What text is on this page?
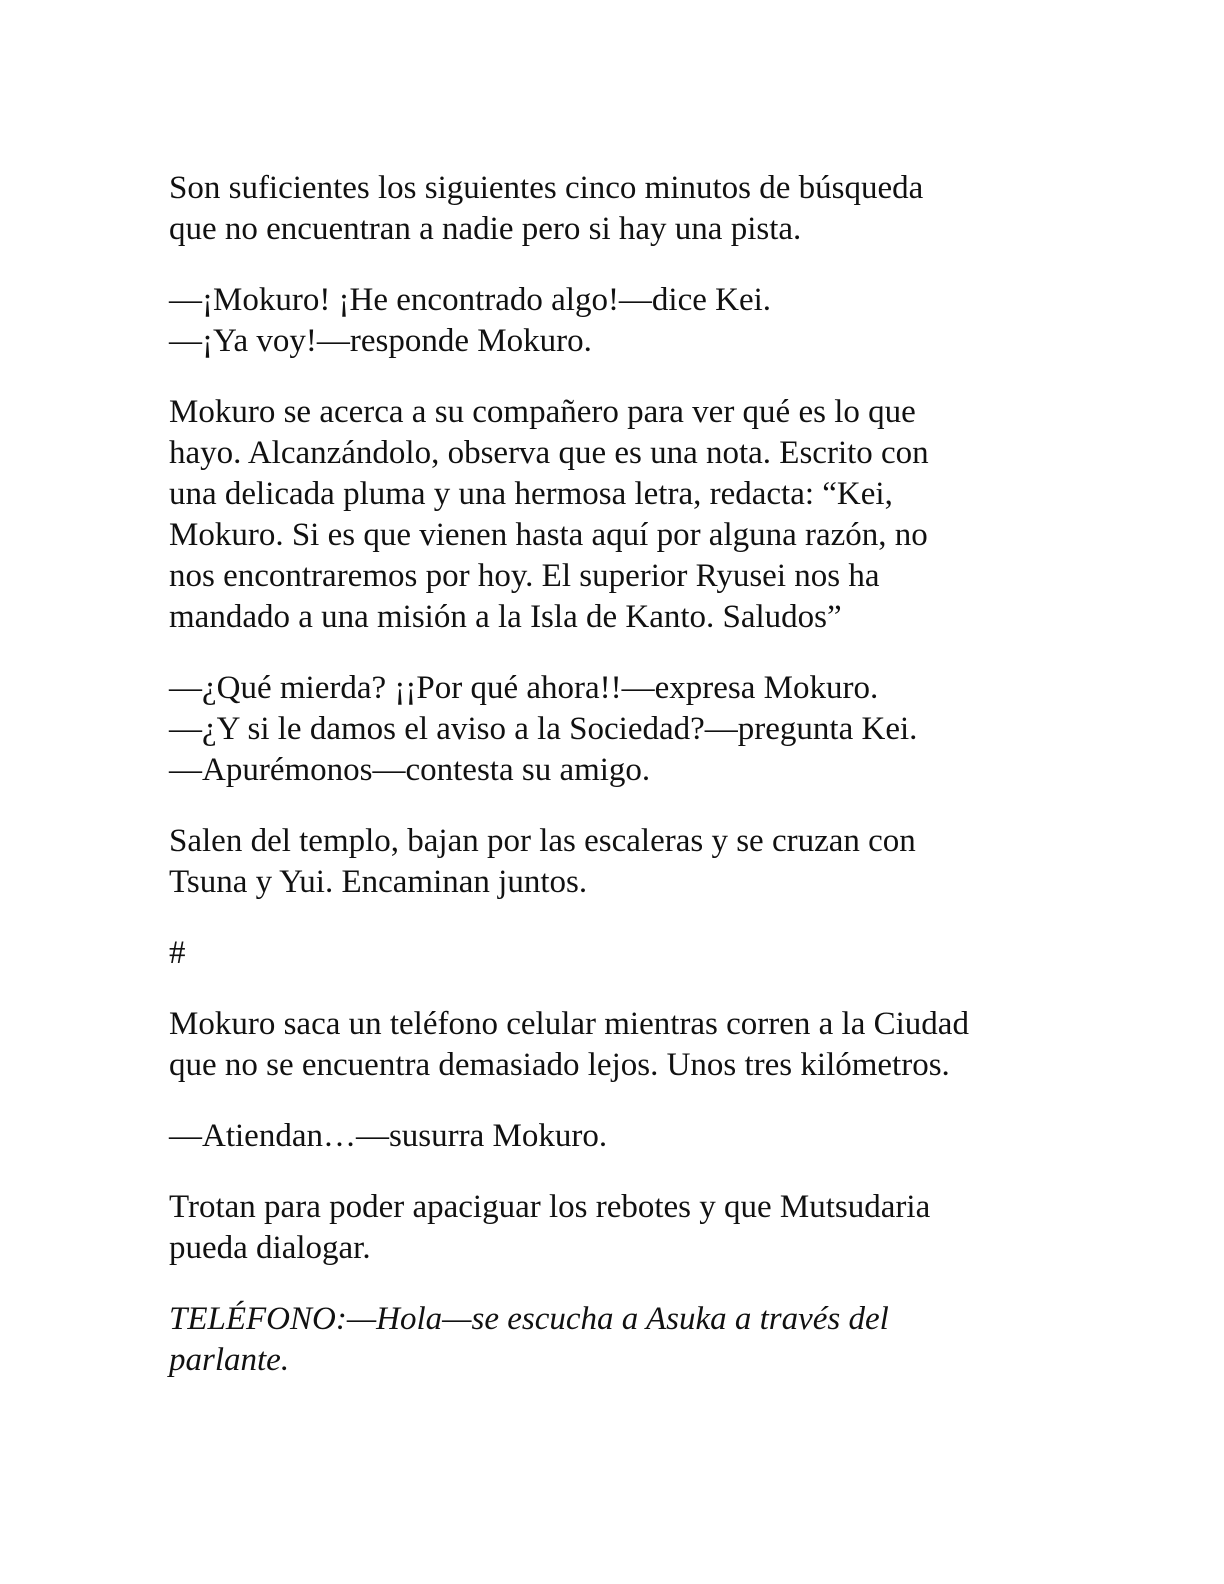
Son suficientes los siguientes cinco minutos de búsqueda
que no encuentran a nadie pero si hay una pista.

—¡Mokuro! ¡He encontrado algo!—dice Kei.
—¡Ya voy!—responde Mokuro.

Mokuro se acerca a su compañero para ver qué es lo que
hayo. Alcanzándolo, observa que es una nota. Escrito con
una delicada pluma y una hermosa letra, redacta: “Kei,
Mokuro. Si es que vienen hasta aquí por alguna razón, no
nos encontraremos por hoy. El superior Ryusei nos ha
mandado a una misión a la Isla de Kanto. Saludos”

—¿Qué mierda? ¡¡Por qué ahora!!—expresa Mokuro.
—¿Y si le damos el aviso a la Sociedad?—pregunta Kei.
—Apurémonos—contesta su amigo.

Salen del templo, bajan por las escaleras y se cruzan con
Tsuna y Yui. Encaminan juntos.

#

Mokuro saca un teléfono celular mientras corren a la Ciudad
que no se encuentra demasiado lejos. Unos tres kilómetros.

—Atiendan…—susurra Mokuro.

Trotan para poder apaciguar los rebotes y que Mutsudaria
pueda dialogar.

TELÉFONO:—Hola—se escucha a Asuka a través del
parlante.
